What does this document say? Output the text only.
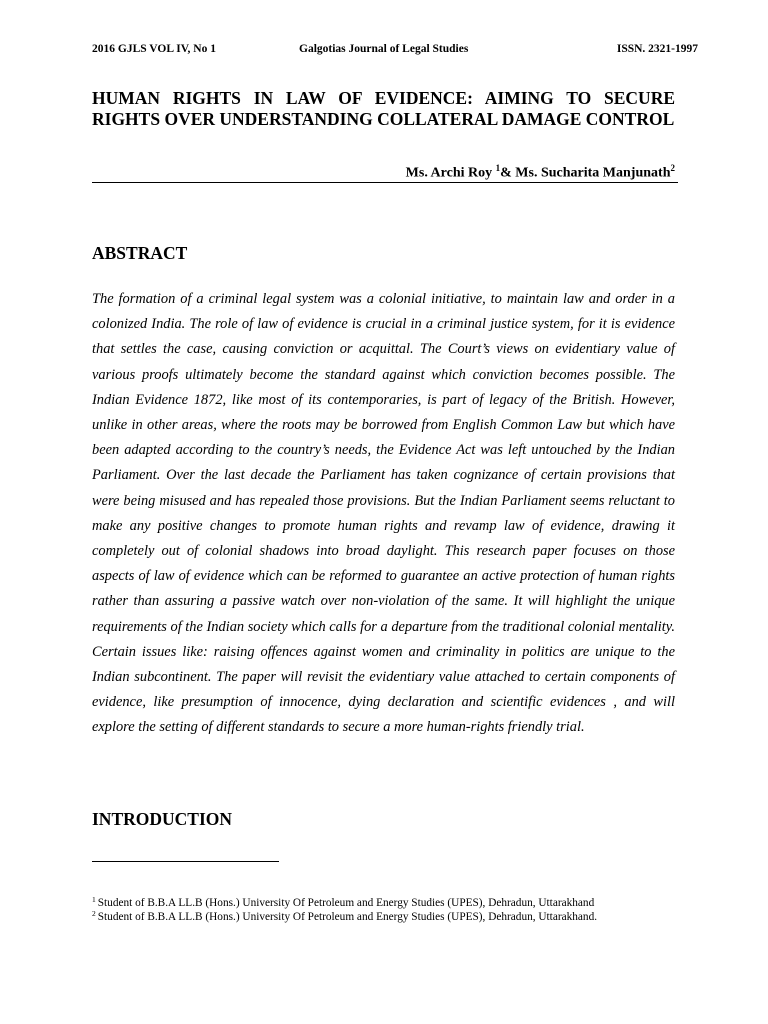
2016 GJLS VOL IV, No 1	Galgotias Journal of Legal Studies	ISSN. 2321-1997
HUMAN RIGHTS IN LAW OF EVIDENCE: AIMING TO SECURE RIGHTS OVER UNDERSTANDING COLLATERAL DAMAGE CONTROL

Ms. Archi Roy $^1$& Ms. Sucharita Manjunath$^2$

ABSTRACT

The formation of a criminal legal system was a colonial initiative, to maintain law and order in a colonized India. The role of law of evidence is crucial in a criminal justice system, for it is evidence that settles the case, causing conviction or acquittal. The Court’s views on evidentiary value of various proofs ultimately become the standard against which conviction becomes possible. The Indian Evidence 1872, like most of its contemporaries, is part of legacy of the British. However, unlike in other areas, where the roots may be borrowed from English Common Law but which have been adapted according to the country’s needs, the Evidence Act was left untouched by the Indian Parliament. Over the last decade the Parliament has taken cognizance of certain provisions that were being misused and has repealed those provisions. But the Indian Parliament seems reluctant to make any positive changes to promote human rights and revamp law of evidence, drawing it completely out of colonial shadows into broad daylight. This research paper focuses on those aspects of law of evidence which can be reformed to guarantee an active protection of human rights rather than assuring a passive watch over non-violation of the same. It will highlight the unique requirements of the Indian society which calls for a departure from the traditional colonial mentality. Certain issues like: raising offences against women and criminality in politics are unique to the Indian subcontinent. The paper will revisit the evidentiary value attached to certain components of evidence, like presumption of innocence, dying declaration and scientific evidences , and will explore the setting of different standards to secure a more human-rights friendly trial.

INTRODUCTION

$^1$ Student of B.B.A LL.B (Hons.) University Of Petroleum and Energy Studies (UPES), Dehradun, Uttarakhand

$^2$ Student of B.B.A LL.B (Hons.) University Of Petroleum and Energy Studies (UPES), Dehradun, Uttarakhand.
